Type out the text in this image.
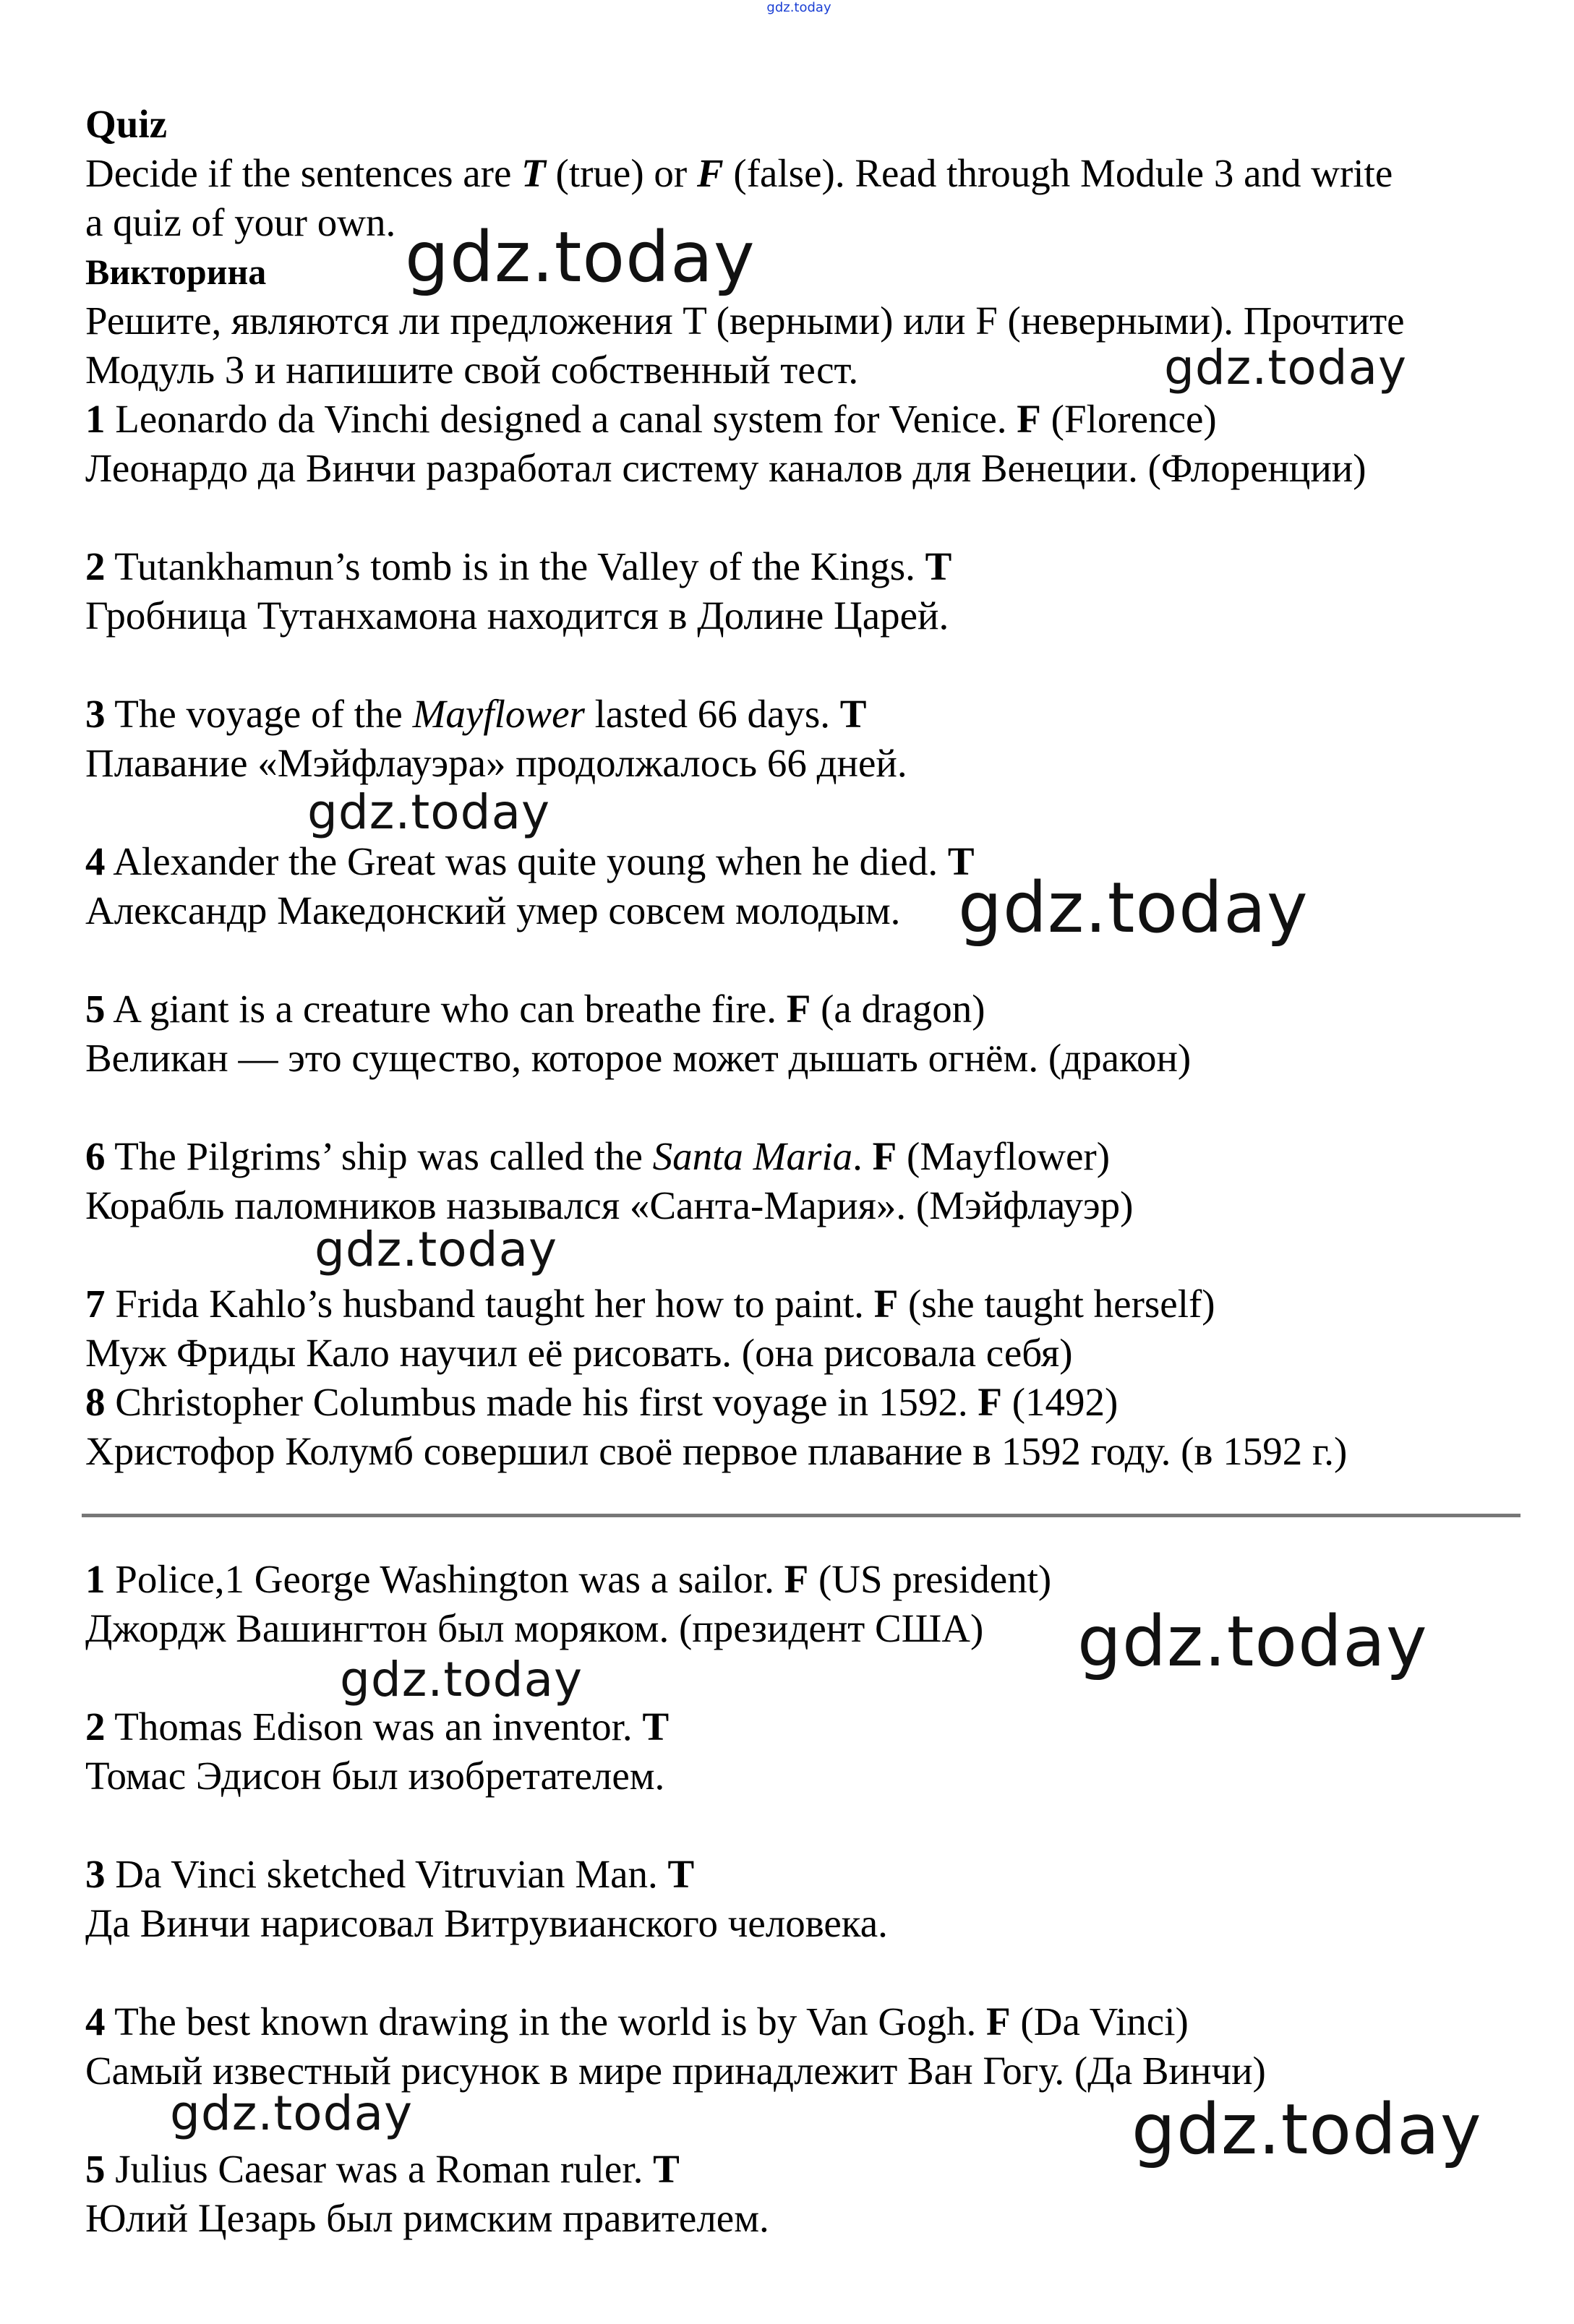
gdz.today
Quiz
Decide if the sentences are T (true) or F (false). Read through Module 3 and write
a quiz of your own.
Викторина
Решите, являются ли предложения T (верными) или F (неверными). Прочтите
Модуль 3 и напишите свой собственный тест.
1 Leonardo da Vinchi designed a canal system for Venice. F (Florence)
Леонардо да Винчи разработал систему каналов для Венеции. (Флоренции)
2 Tutankhamun’s tomb is in the Valley of the Kings. T
Гробница Тутанхамона находится в Долине Царей.
3 The voyage of the Mayflower lasted 66 days. T
Плавание «Мэйфлауэра» продолжалось 66 дней.
4 Alexander the Great was quite young when he died. T
Александр Македонский умер совсем молодым.
5 A giant is a creature who can breathe fire. F (a dragon)
Великан — это существо, которое может дышать огнём. (дракон)
6 The Pilgrims’ ship was called the Santa Maria. F (Mayflower)
Корабль паломников назывался «Санта-Мария». (Мэйфлауэр)
7 Frida Kahlo’s husband taught her how to paint. F (she taught herself)
Муж Фриды Кало научил её рисовать. (она рисовала себя)
8 Christopher Columbus made his first voyage in 1592. F (1492)
Христофор Колумб совершил своё первое плавание в 1592 году. (в 1592 г.)
1 Police,1 George Washington was a sailor. F (US president)
Джордж Вашингтон был моряком. (президент США)
2 Thomas Edison was an inventor. T
Томас Эдисон был изобретателем.
3 Da Vinci sketched Vitruvian Man. T
Да Винчи нарисовал Витрувианского человека.
4 The best known drawing in the world is by Van Gogh. F (Da Vinci)
Самый известный рисунок в мире принадлежит Ван Гогу. (Да Винчи)
5 Julius Caesar was a Roman ruler. T
Юлий Цезарь был римским правителем.
gdz.today
gdz.today
gdz.today
gdz.today
gdz.today
gdz.today
gdz.today
gdz.today	gdz.today
